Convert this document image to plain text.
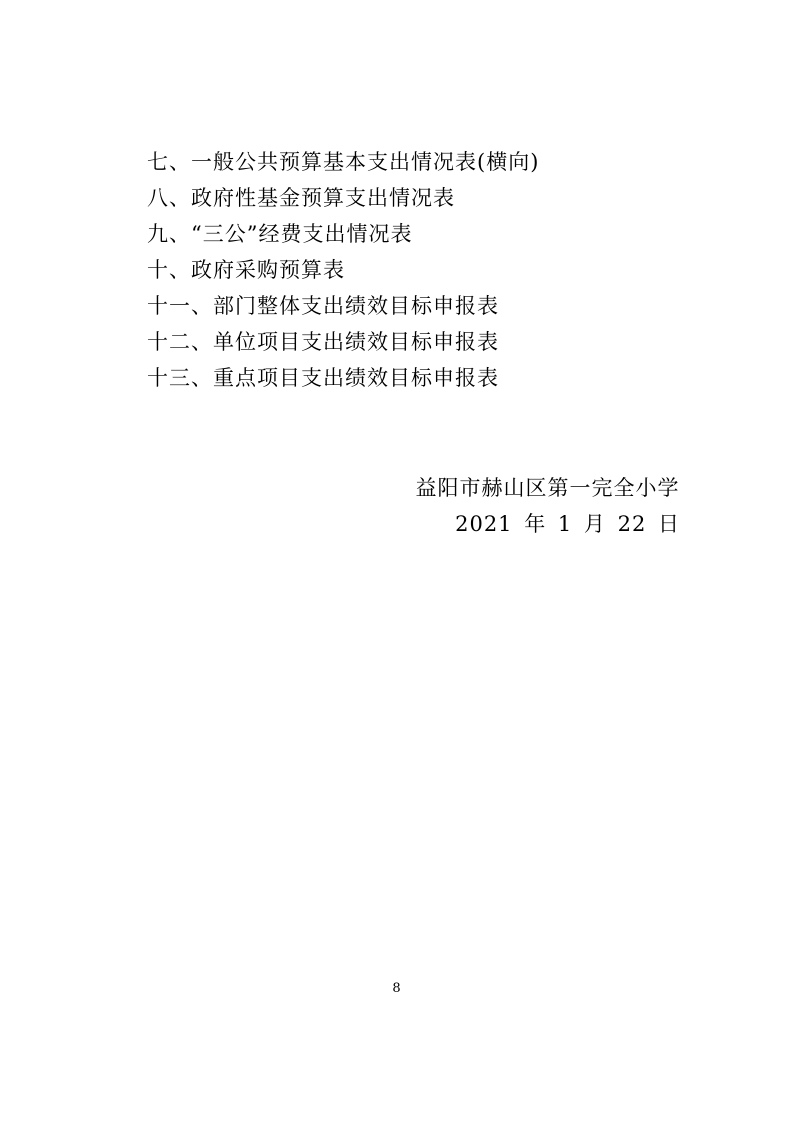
七、一般公共预算基本支出情况表(横向)
八、政府性基金预算支出情况表
九、“三公”经费支出情况表
十、政府采购预算表
十一、部门整体支出绩效目标申报表
十二、单位项目支出绩效目标申报表
十三、重点项目支出绩效目标申报表
益阳市赫山区第一完全小学
2021 年 1 月 22 日
8
